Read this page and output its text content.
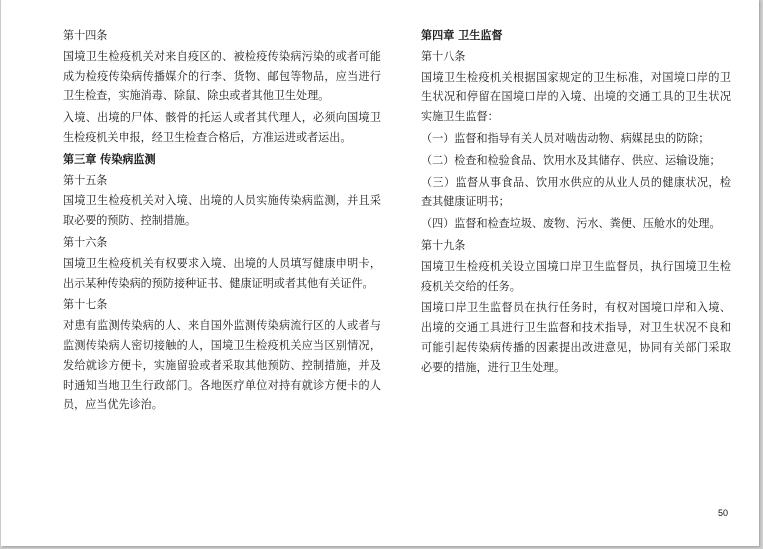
第十四条
国境卫生检疫机关对来自疫区的、被检疫传染病污染的或者可能成为检疫传染病传播媒介的行李、货物、邮包等物品，应当进行卫生检查，实施消毒、除鼠、除虫或者其他卫生处理。
入境、出境的尸体、骸骨的托运人或者其代理人，必须向国境卫生检疫机关申报，经卫生检查合格后，方准运进或者运出。
第三章 传染病监测
第十五条
国境卫生检疫机关对入境、出境的人员实施传染病监测，并且采取必要的预防、控制措施。
第十六条
国境卫生检疫机关有权要求入境、出境的人员填写健康申明卡，出示某种传染病的预防接种证书、健康证明或者其他有关证件。
第十七条
对患有监测传染病的人、来自国外监测传染病流行区的人或者与监测传染病人密切接触的人，国境卫生检疫机关应当区别情况，发给就诊方便卡，实施留验或者采取其他预防、控制措施，并及时通知当地卫生行政部门。各地医疗单位对持有就诊方便卡的人员，应当优先诊治。
第四章 卫生监督
第十八条
国境卫生检疫机关根据国家规定的卫生标准，对国境口岸的卫生状况和停留在国境口岸的入境、出境的交通工具的卫生状况实施卫生监督：
（一）监督和指导有关人员对啮齿动物、病媒昆虫的防除；
（二）检查和检验食品、饮用水及其储存、供应、运输设施；
（三）监督从事食品、饮用水供应的从业人员的健康状况，检查其健康证明书；
（四）监督和检查垃圾、废物、污水、粪便、压舱水的处理。
第十九条
国境卫生检疫机关设立国境口岸卫生监督员，执行国境卫生检疫机关交给的任务。
国境口岸卫生监督员在执行任务时，有权对国境口岸和入境、出境的交通工具进行卫生监督和技术指导，对卫生状况不良和可能引起传染病传播的因素提出改进意见，协同有关部门采取必要的措施，进行卫生处理。
50
